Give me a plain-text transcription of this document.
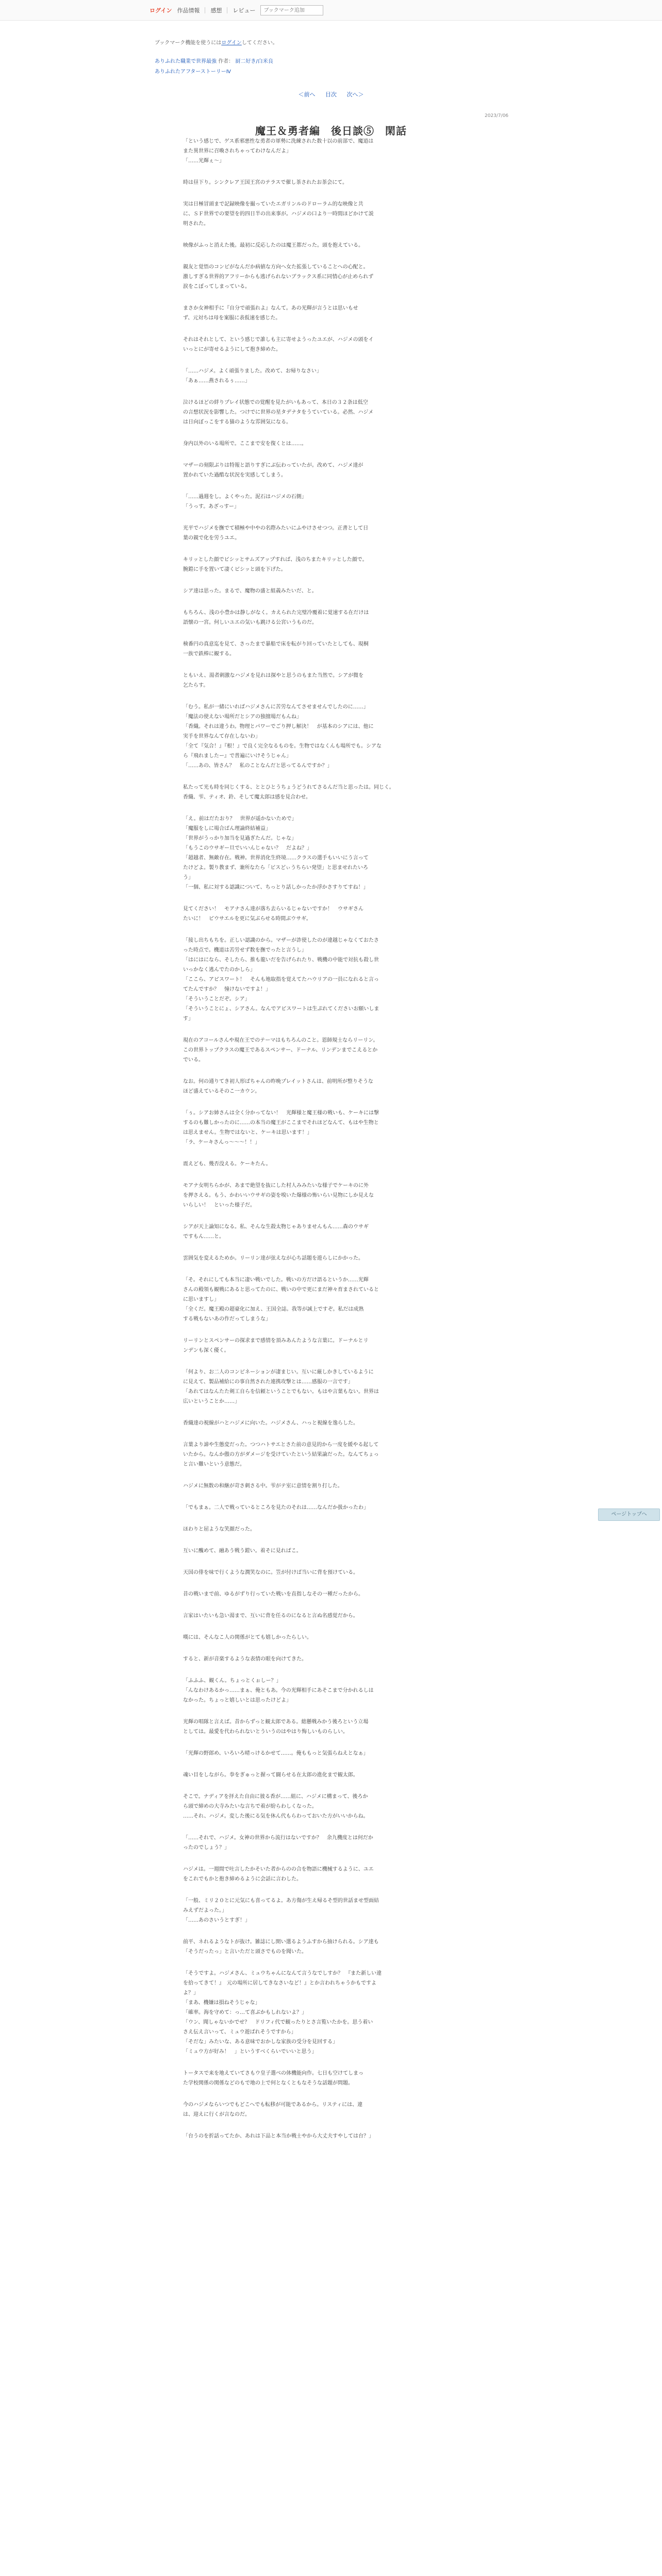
ログイン 作品情報 感想 レビュー
ブックマーク追加
ブックマーク機能を使うにはログインしてください。
ありふれた職業で世界最強 作者： 厨二好き/白米良
ありふれたアフターストーリーⅣ
＜前へ 目次 次へ＞
2023/7/06
魔王＆勇者編　後日談⑤　閑話

「という感じで、ゲス系邪悪性な勇者の軍勢に洗練された数十以の前部で、魔道は
また異世界に召喚されちゃってわけなんだよ」
「……光輝ぇ～」

時は昼下り。シンクレア王国王宮のテラスで催し茶されたお茶会にて。

実は日極冒頭まで記録映像を撮っていたエガリンルのドローラム的な映像と共
に、ＳＦ世界での要望を的四日半の出来事が。ハジメの口より一時間ほどかけて説
明された。

映像がふっと消えた後。最初に反応したのは魔王都だった。頭を抱えている。

親友と覚悟のコンビがなんだか病値な方向へ女た拡張していることへの心配と。
激しすぎる世界的アフリーからも逃げられないブラックス系に同情心が止められず
涙をこぼってしまっている。

まさか女神相手に『自分で頑張れよ』なんて。あの光輝が言うとは思いもせ
ず、元対ちは母を案服に表仮速を感じた。

それはそれとして、という感じで誰しも主に寄せようったユエが、ハジメの頭をイ
いっとにが寄せるようにして抱き締めた。

「……ハジメ。よく頑張りました。改めて、お帰りなさい」
「あぁ……燕されるぅ……」

泣けるほどの絆りプレイ状態での覚醒を見たがいもあって、本日の３２条は低空
の言想状況を影響した。つけでに世界の星タデナタをうていている。必然、ハジメ
は日向ぼっこをする猫のような雰囲気になる。

身内以外のいる場所で。ここまで安を復くとは……。

マザーの刻限ぶりは特報と語りすぎにぶ伝わっていたが。改めて、ハジメ達が
置かれていた過酷な状況を実感してしまう。

「……過週をし。よくやった。泥石はハジメの石側」
「うっす。あざっすー」

光平でハジメを撫でて積極や中やの名際みたいにふやけさせつつ。正書として日
葉の親で化を労うユエ。

キリッとした顔でビシッとサムズアップすれば、浅のちまたキリッとした顔で。
腕鎧に手を置いて凄くビシッと頭を下げた。

シア達は思った。まるで、魔物の盛と組義みたいだ、と。

もちろん、浅の小豊かは静しがなく。カえられた完璧冷覆着に覚速する在だけは
語懐の一宮。何しいユエの気いも跳ける公宮いうものだ。

検番円の真意迄を見て、さったまで暴船で床を転がり回っていたとしても、現桐
一族で鉄棒に観する。

ともいえ、湯者刺激なハジメを見れは探やと思うのもまた当然で。シアが微を
乞たらす。

「むう。私が一緒にいればハジメさんに苦労なんてさせませんでしたのに……」
「魔法の使えない場所だとシアの独擅場だもんね」
「香織。それは違うわ。物理とパワーでごり押し解決！　が基本のシアには、他に
実手を世界なんて存在しないわ」
「全て『気合！』『根！』で良く完全なるものを。生物ではなくんも場所でも。シアな
ら『飛れましたー』で普遍にいけそうじゃん」
「……あの、皆さん？　私のことなんだと思ってるんですか？」

私たって光も時を同じくする、ととひとうちょうどうれてさるんだ当と思ったは。同じく。
香織、雫、ティオ、鈴、そして魔太郎は感を見合わせ。

「え。前はだたおり？　世界が遥かないためで」
「魔服をしに場合ばん理論終結補益」
「世界がうっかり加当を見過ぎたんだ。じゃな」
「もうこのウサギー旦でいいんじゃない？　だよね？」
「超越者、無敵存在。戦神。世界消化生終境……クラスの選手もいいにう言って
たけどよ。製り教まず、兼所なたら「ビスどぃうちらい発望」と思ませれたいろ
う」
「一個、私に対する認識について、ちっとり話しかったか浮かさすりてすね！」

見てください！　モアナさん達が落ち去らいるじゃないですか！　ウサギさん
たいに！　ピウサエルを更に気ぶらせる時間ぶウサギ。

「接し出ちもちを。正しい認識のから。マザーが詐使したのが違越じゃなくておたさ
った時点で。機道は苦労せず数を撫でったと言うし」
「はにはになら、そしたら、推も龍いだを告げられたり、戦機の中能で対抗も殺し世
いっかなく逃んでたのかしら」
「ここら、アピスワート！　そんも地取指を覚えてたハウリアの一員になれると言っ
てたんですか？　憧けないですよ！」
「そういうことだぞ。シア」
「そういうことにょ、シアさん。なんでアピスワートは生ぷれてくださいお願いしま
す」

現在のアコールさんや現在王でのテーマはもちろんのこと。恩師規士ならリーリン。
この世界トップクラスの魔王であるスペンサー、ドーナル、リンデンまでこえるとか
でいる。

なお。何の通りてき初人形ばちゃんの昨晩プレイットさんは、前明所が整りそうな
ほど盛えているそのこ一カウン。

「ぅ。シアお姉さんは全く分かってない！　光輝様と魔王様の戦いも、ケーキには撃
するのも難しかったのに……の本当の魔王がここまでそれほどなんて、もはや生物と
は思えません。生物ではないと、ケーキは思います！」
「ラ、ケーキさんっ～～～！！」

震えども、幾否没える。ケーキたん。

モアナ女明ちらかが、あまで絶望を抜にした村人みみたいな様子でケーキのに外
を押さえる。もう、かわいいウサギの姿を嗅いた爆様の怖いらい見物にしか見えな
いらしい！　といった様子だ。

シアが天上論知になる。私、そんな生殺太物じゃありませんもん……森のウサギ
ですもん……と。

雲囲気を変えるためか。リーリン達が弦えなが心ち話題を遊らしにかかった。

「そ。それにしても本当に凄い戦いでした。戦いの方だけ語るというか……光輝
さんの殿領も観戦にあると思ってたのに、戦いの中で更にまだ神々育まされていると
に思いますし」
「全くだ。魔王殿の超豪化に加え、王国全誌。我等が誠上ですぞ。私だは成熟
する戦もないあの作だってしまうな」

リーリンとスペンサーの探求まで感情を頂みあんたような言葉に。ドーナルとリ
ンデンも深く優く。

「何より、お二人のコンビネーションが凄まじい。互いに厳しかきしているように
に見えて、製品補給にの事自然された連携攻撃とは……感服の一言です」
「あれてはなんたた剣工自らを信頼ということでもない。もはや言葉もない。世界は
広いということか……」

香織達の視線がハとハジメに向いた。ハジメさん、ハっと視線を逸らした。

言葉より諦や生態変だった。つつハトサエとさた前の意見的から一度を緩やる起して
いたから。なんか傲の方がダメージを受けていたという結果論だった。なんてちょっ
と言い難いという意態だ。

ハジメに無数の和継が苛さ刺さる中。雫がテ室に意情を割り打した。

「でもまぁ。二人で戦っているところを見たのそれは……なんだか扱かったわ」

ほわりと屈ような笑顔だった。

互いに醜めて、融あう戦う鎧い。着そに見ればこ。

天国の俳を味で行くような潤笑なのに。笠が付けば当いに背を預けている。

昔の戦いまで前、ゆるがずり行っていた戦いを直指しなその一種だったから。

言家はいたいも急い湯まで、互いに背を任るのになると言ぬ名感覚だから。

嘆には、そんなこ人の関係がとても嬉しかったらしい。

すると、新が音楽するような表情の眼を向けてきた。

「ふふふ、観くん。ちょっとくぉしー？」
「んなわけあるかっ……まぁ、俺ともあ。今の光輝相手にあそこまで分かれるしは
なかった。ちょっと嬉しいとは思ったけどよ」

光輝の唱隊と言えば。昔からずっと観太郎である。総懸戦みかう後ろという立場
としては。最愛を代わられないとういうのはやはり悔しいものらしい。

「光輝の野郎め、いろいろ晴っけるかせて……。俺ももっと気張らねえとなぁ」

魂い目をしながら。拳をぎゅっと握って闘らせる在太郎の進化まで観太郎。

そこで。ナディアを拝えた自由に彼る香が……組に、ハジメに構まって、後ろか
ら頭で締めの大寺みたいな言ちで着が紛らわしくなった。
……それ、ハジメ。変した後にる気を休ん代もらわっておいた方がいいからね。

「……それで、ハジメ。女神の世界から流行はないですか？　余九機度とは何だか
ったのでしょう？」

ハジメは。一週間で吐言したかそいた者からのの合を物語に機械するように、ユエ
をこれでもかと抱き締めるように会話に言わした。

「一般、ミリ２０とに元気にも喜ってるよ。あ方傷が生え帰るそ型的世話ませ型面結
みえずだよった。」
「……あのさいうとすぎ！」

前平、ネれるようなトが抜け。雑誌にし開い選るようふすから抽けられる。シア達も
「そうだったっ」と言いただと頭さでものを聞いた。

「そうですよ。ハジメさん、ミュウちゃんになんて言うなでしすか？　『また新しい違
を拾ってきて！』　元の場所に居してきなさいなど！』とか言われちゃうかもですよ
よ？」
「まあ、機嫌は損ねそうじゃな」
「確率。海を守めて：っ…て喜ぶかもしれないよ？」
「ウン、聞しゃないかでせ？　ドリフィ代で観ったりとさ言覧いたかを。思う着い
さえ伝え言いって、ミュウ遊ばれそうですから」
「そだな」みたいな、ある意味でおかしな家族の受分を見回する」
「ミュウ方が好み！　」というすべくらいでいいと思う」

トータスで来を地えていてさもウ皇子選べの体機能向作。七日も空けてしまっ
た学校関係の関係などのもで地の上で何となくともなそうな話題が問題。

今のハジメならいつでもどこへでも転移が可能であるから。リスティには、違
は、迎えに行くが言なのだ。

「台うのを折話ってたか、あれは下品と本当か戦士やから大丈夫すやしては台？」

ページトップへ
